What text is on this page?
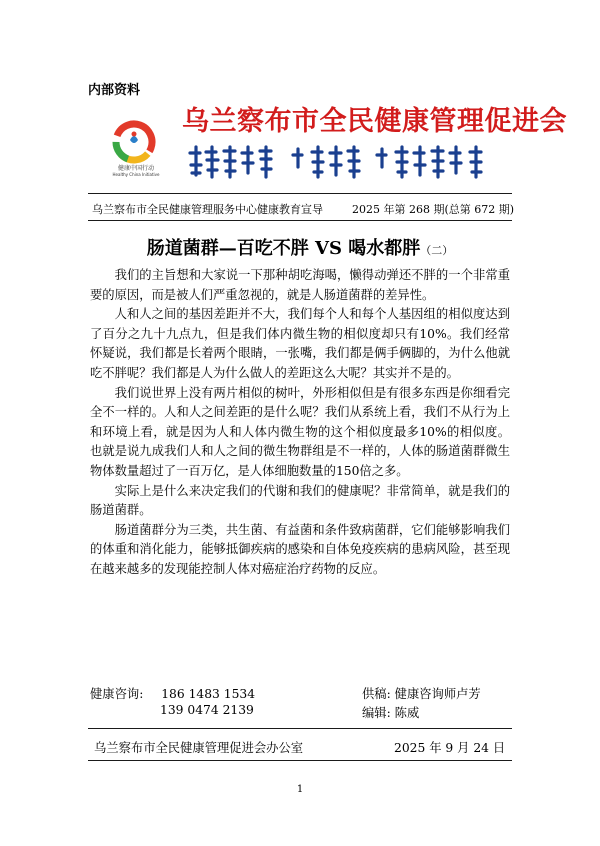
内部资料
健康中国行动
Healthy China Initiative
乌兰察布市全民健康管理促进会
乌兰察布市全民健康管理服务中心健康教育宣导	2025 年第 268 期(总第 672 期)
肠道菌群—百吃不胖 VS 喝水都胖（二）

我们的主旨想和大家说一下那种胡吃海喝，懒得动弹还不胖的一个非常重要的原因，而是被人们严重忽视的，就是人肠道菌群的差异性。

人和人之间的基因差距并不大，我们每个人和每个人基因组的相似度达到了百分之九十九点九，但是我们体内微生物的相似度却只有10%。我们经常怀疑说，我们都是长着两个眼睛，一张嘴，我们都是俩手俩脚的，为什么他就吃不胖呢？我们都是人为什么做人的差距这么大呢？其实并不是的。

我们说世界上没有两片相似的树叶，外形相似但是有很多东西是你细看完全不一样的。人和人之间差距的是什么呢？我们从系统上看，我们不从行为上和环境上看，就是因为人和人体内微生物的这个相似度最多10%的相似度。也就是说九成我们人和人之间的微生物群组是不一样的，人体的肠道菌群微生物体数量超过了一百万亿，是人体细胞数量的150倍之多。

实际上是什么来决定我们的代谢和我们的健康呢？非常简单，就是我们的肠道菌群。

肠道菌群分为三类，共生菌、有益菌和条件致病菌群，它们能够影响我们的体重和消化能力，能够抵御疾病的感染和自体免疫疾病的患病风险，甚至现在越来越多的发现能控制人体对癌症治疗药物的反应。

健康咨询: 186 1483 1534
139 0474 2139
供稿: 健康咨询师卢芳
编辑: 陈威
乌兰察布市全民健康管理促进会办公室	2025 年 9 月 24 日
1
